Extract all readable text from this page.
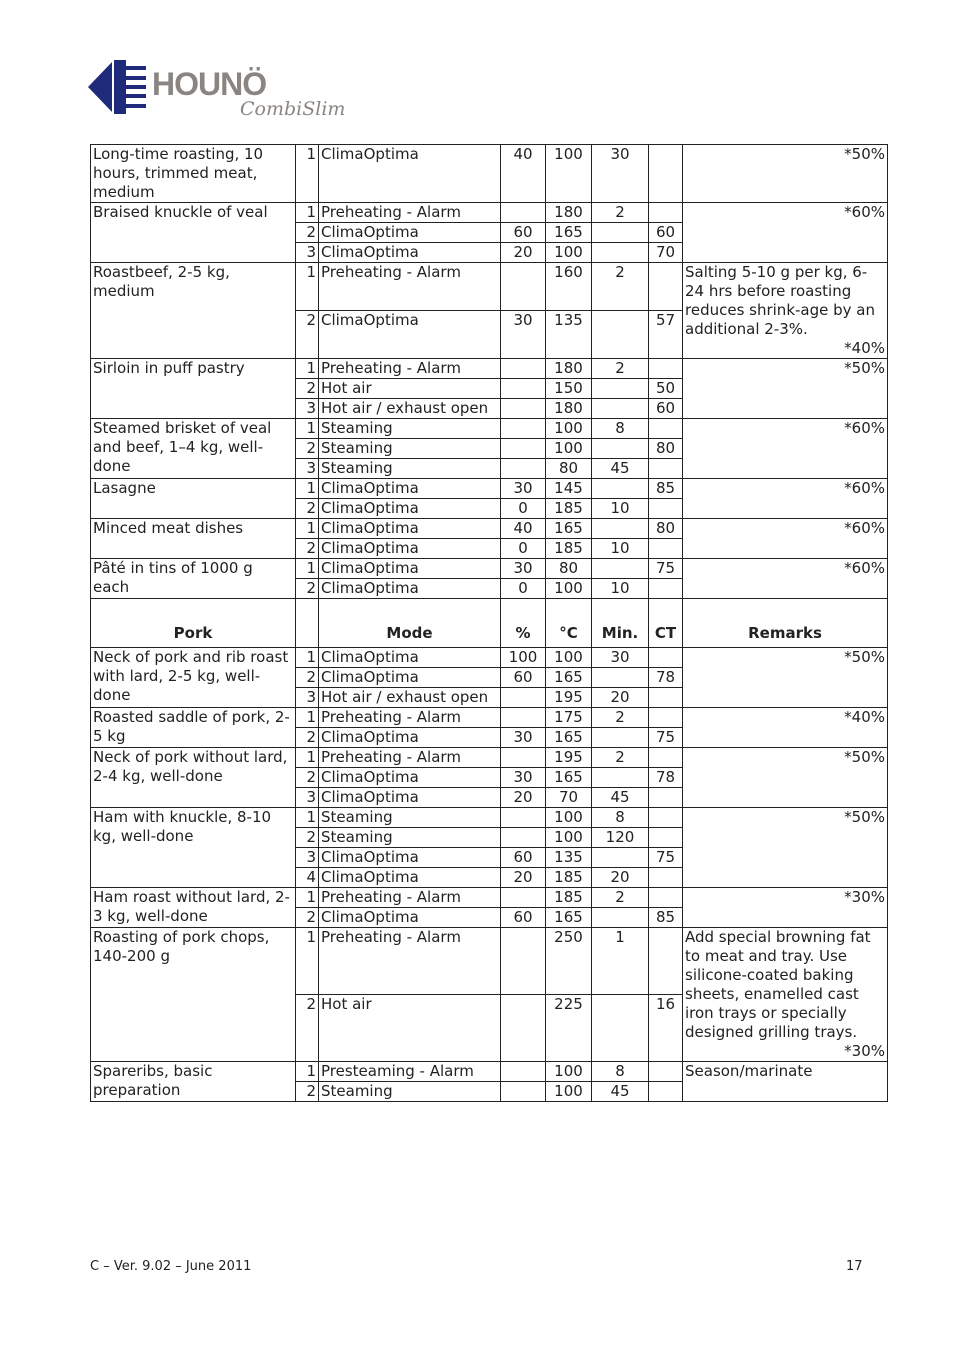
HOUNÖ
CombiSlim
Long-time roasting, 10 hours, trimmed meat, medium	1	ClimaOptima	40	100	30		*50%

Braised knuckle of veal	1	Preheating - Alarm		180	2		*60%

	2	ClimaOptima	60	165		60	
	3	ClimaOptima	20	100		70	
Roastbeef, 2-5 kg, medium	1	Preheating - Alarm		160	2		Salting 5-10 g per kg, 6-24 hrs before roasting reduces shrink-age by an additional 2-3%.
*40%

	2	ClimaOptima	30	135		57	
Sirloin in puff pastry	1	Preheating - Alarm		180	2		*50%

	2	Hot air		150		50	
	3	Hot air / exhaust open		180		60	
Steamed brisket of veal and beef, 1–4 kg, well-done	1	Steaming		100	8		*60%

	2	Steaming		100		80	
	3	Steaming		80	45		
Lasagne	1	ClimaOptima	30	145		85	*60%

	2	ClimaOptima	0	185	10		
Minced meat dishes	1	ClimaOptima	40	165		80	*60%

	2	ClimaOptima	0	185	10		
Pâté in tins of 1000 g each	1	ClimaOptima	30	80		75	*60%

	2	ClimaOptima	0	100	10		
Pork		Mode	%	°C	Min.	CT	Remarks
Neck of pork and rib roast with lard, 2-5 kg, well-done	1	ClimaOptima	100	100	30		*50%

	2	ClimaOptima	60	165		78	
	3	Hot air / exhaust open		195	20		
Roasted saddle of pork, 2-5 kg	1	Preheating - Alarm		175	2		*40%

	2	ClimaOptima	30	165		75	
Neck of pork without lard, 2-4 kg, well-done	1	Preheating - Alarm		195	2		*50%

	2	ClimaOptima	30	165		78	
	3	ClimaOptima	20	70	45		
Ham with knuckle, 8-10 kg, well-done	1	Steaming		100	8		*50%

	2	Steaming		100	120		
	3	ClimaOptima	60	135		75	
	4	ClimaOptima	20	185	20		
Ham roast without lard, 2-3 kg, well-done	1	Preheating - Alarm		185	2		*30%

	2	ClimaOptima	60	165		85	
Roasting of pork chops, 140-200 g	1	Preheating - Alarm		250	1		Add special browning fat to meat and tray. Use silicone-coated baking sheets, enamelled cast iron trays or specially designed grilling trays.
*30%

	2	Hot air		225		16	
Spareribs, basic preparation	1	Presteaming - Alarm		100	8		Season/marinate

	2	Steaming		100	45		
C – Ver. 9.02 – June 2011	17
